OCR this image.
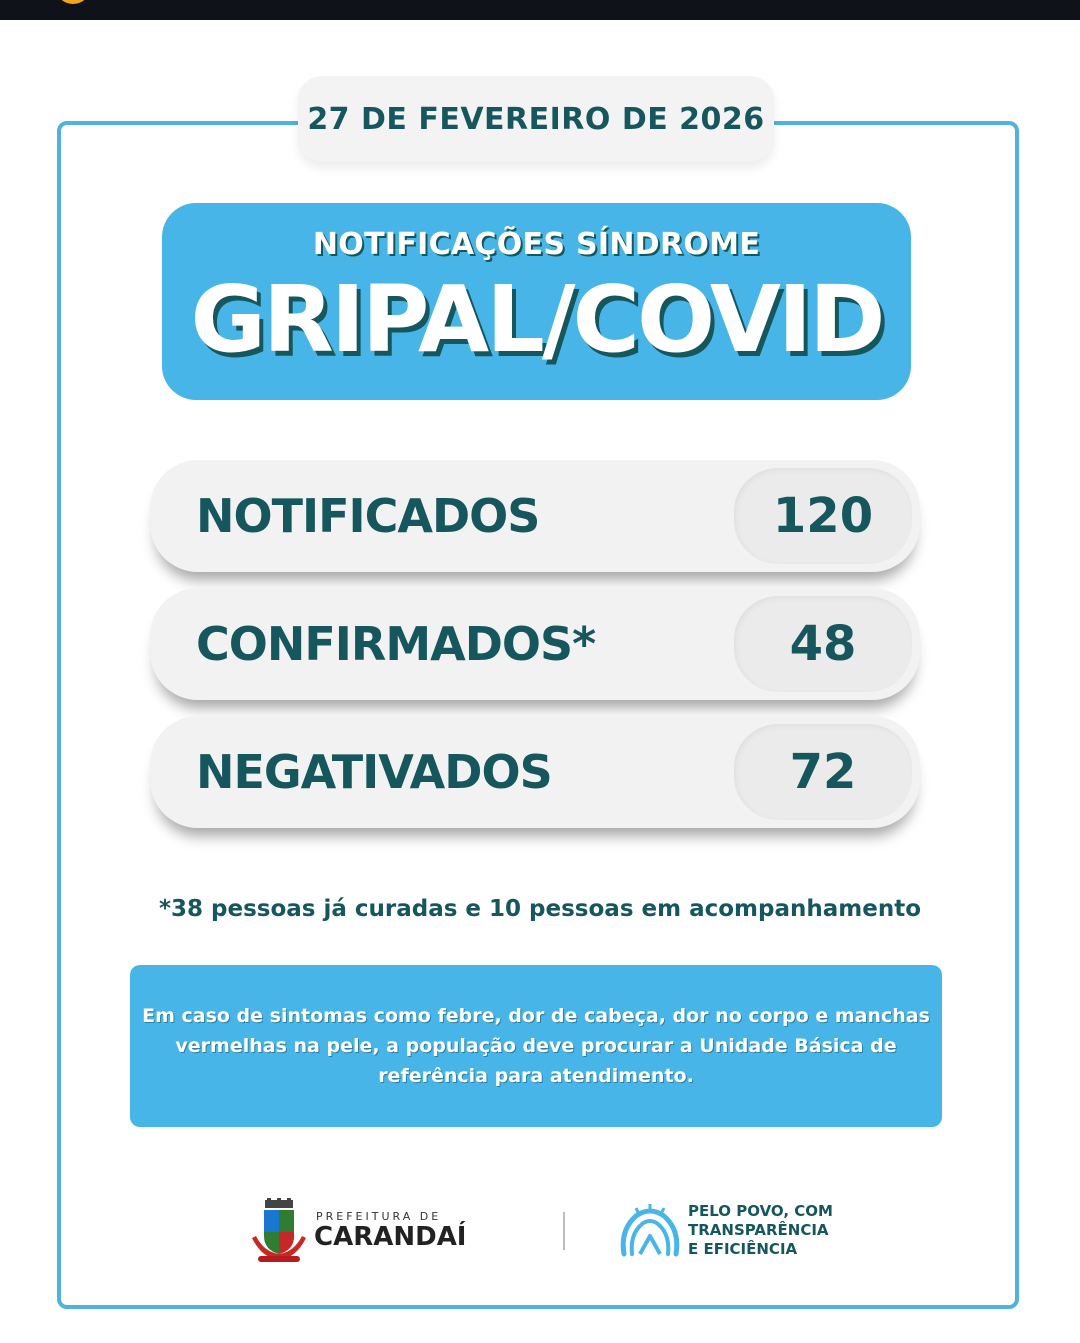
27 DE FEVEREIRO DE 2026
NOTIFICAÇÕES SÍNDROME
GRIPAL/COVID
NOTIFICADOS	120
CONFIRMADOS*	48
NEGATIVADOS	72
*38 pessoas já curadas e 10 pessoas em acompanhamento
Em caso de sintomas como febre, dor de cabeça, dor no corpo e manchas vermelhas na pele, a população deve procurar a Unidade Básica de referência para atendimento.
PREFEITURA DE
CARANDAÍ
PELO POVO, COM
TRANSPARÊNCIA
E EFICIÊNCIA
